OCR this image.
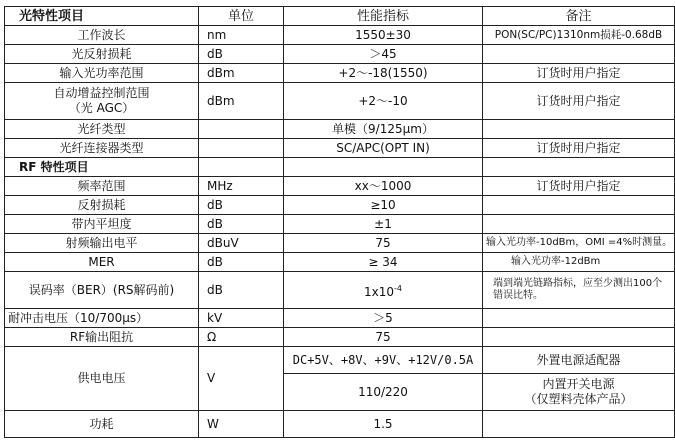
光特性项目	单位	性能指标	备注
工作波长	nm	1550±30	PON(SC/PC)1310nm损耗-0.68dB
光反射损耗	dB	＞45	
输入光功率范围	dBm	+2～-18(1550)	订货时用户指定

自动增益控制范围
（光 AGC）	dBm	+2～-10	订货时用户指定
光纤类型		单模（9/125μm）	
光纤连接器类型		SC/APC(OPT IN)	订货时用户指定
RF 特性项目			
频率范围	MHz	xx～1000	订货时用户指定
反射损耗	dB	≥10	
带内平坦度	dB	±1	
射频输出电平	dBuV	75	输入光功率-10dBm，OMI =4%时测量。
MER	dB	≥ 34	输入光功率-12dBm
误码率（BER）(RS解码前)	dB	$1x10^{-4}$	端到端光链路指标，应至少测出100个错误比特。
耐冲击电压（10/700μs）	kV	＞5	
RF输出阻抗	Ω	75	
供电电压	V	DC+5V、+8V、+9V、+12V/0.5A	外置电源适配器
		110/220	内置开关电源
（仅塑料壳体产品）

功耗	W	1.5	
